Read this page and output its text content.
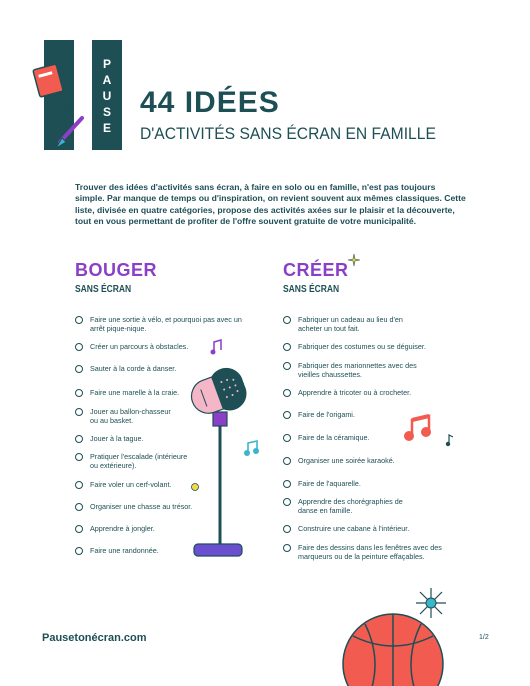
PAUSE 44 IDÉES
D'ACTIVITÉS SANS ÉCRAN EN FAMILLE
Trouver des idées d'activités sans écran, à faire en solo ou en famille, n'est pas toujours simple. Par manque de temps ou d'inspiration, on revient souvent aux mêmes classiques. Cette liste, divisée en quatre catégories, propose des activités axées sur le plaisir et la découverte, tout en vous permettant de profiter de l'offre souvent gratuite de votre municipalité.
BOUGER
SANS ÉCRAN
Faire une sortie à vélo, et pourquoi pas avec un arrêt pique-nique.
Créer un parcours à obstacles.
Sauter à la corde à danser.
Faire une marelle à la craie.
Jouer au ballon-chasseur ou au basket.
Jouer à la tague.
Pratiquer l'escalade (intérieure ou extérieure).
Faire voler un cerf-volant.
Organiser une chasse au trésor.
Apprendre à jongler.
Faire une randonnée.
CRÉER
SANS ÉCRAN
Fabriquer un cadeau au lieu d'en acheter un tout fait.
Fabriquer des costumes ou se déguiser.
Fabriquer des marionnettes avec des vieilles chaussettes.
Apprendre à tricoter ou à crocheter.
Faire de l'origami.
Faire de la céramique.
Organiser une soirée karaoké.
Faire de l'aquarelle.
Apprendre des chorégraphies de danse en famille.
Construire une cabane à l'intérieur.
Faire des dessins dans les fenêtres avec des marqueurs ou de la peinture effaçables.
Pausetonécran.com	1/2
